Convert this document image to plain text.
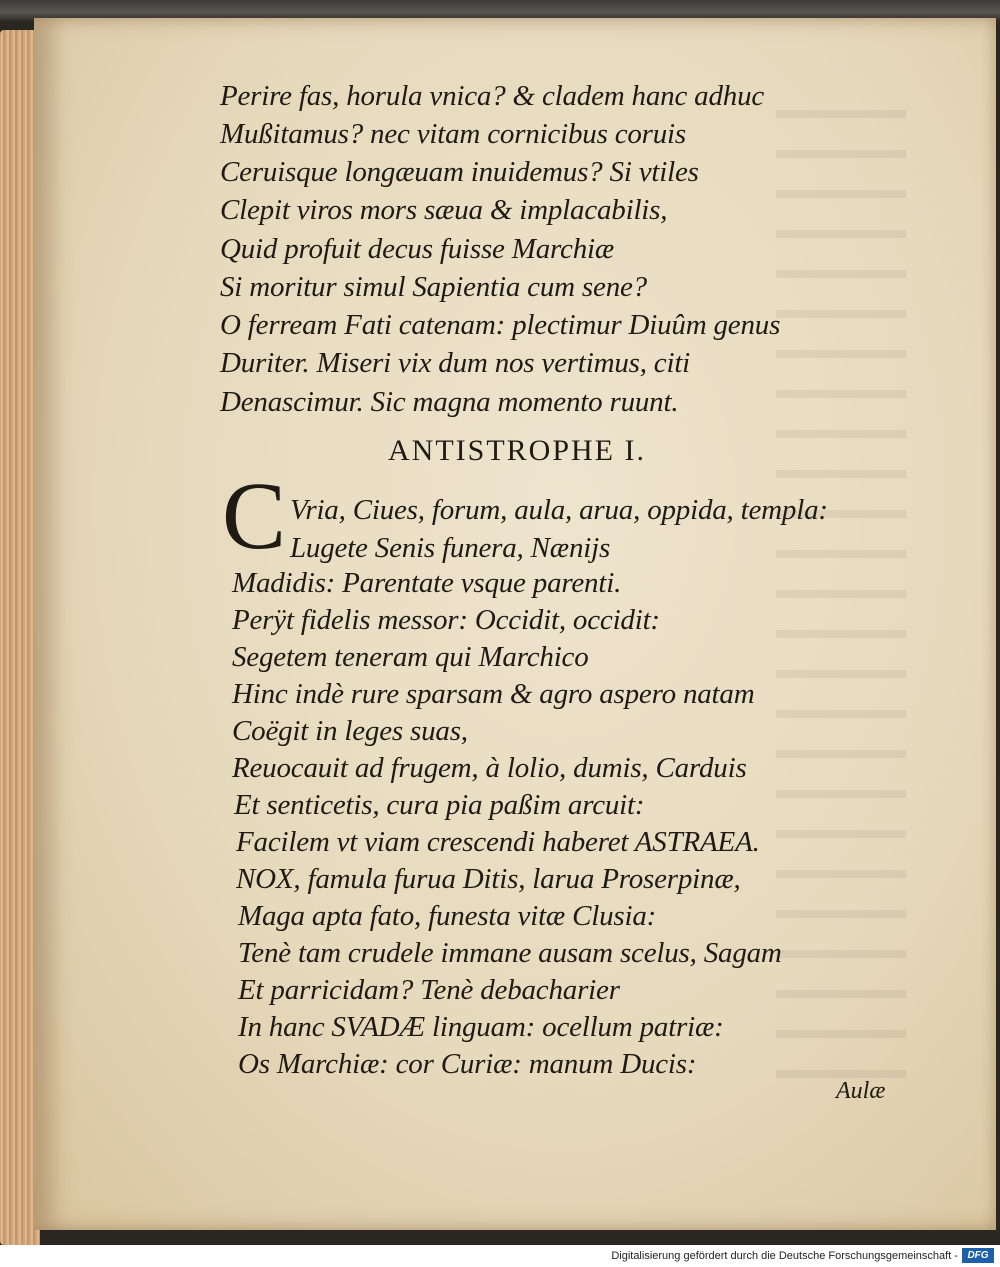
Perire fas, horula vnica? & cladem hanc adhuc
Mußitamus? nec vitam cornicibus coruis
Ceruisque longæuam inuidemus? Si vtiles
Clepit viros mors sæua & implacabilis,
Quid profuit decus fuisse Marchiæ
Si moritur simul Sapientia cum sene?
O ferream Fati catenam: plectimur Diuûm genus
Duriter. Miseri vix dum nos vertimus, citi
Denascimur. Sic magna momento ruunt.
ANTISTROPHE I.
C Vria, Ciues, forum, aula, arua, oppida, templa:
Lugete Senis funera, Nænijs
Madidis: Parentate vsque parenti.
Perÿt fidelis messor: Occidit, occidit:
Segetem teneram qui Marchico
Hinc indè rure sparsam & agro aspero natam
Coëgit in leges suas,
Reuocauit ad frugem, à lolio, dumis, Carduis
Et senticetis, cura pia paßim arcuit:
Facilem vt viam crescendi haberet ASTRAEA.
NOX, famula furua Ditis, larua Proserpinæ,
Maga apta fato, funesta vitæ Clusia:
Tenè tam crudele immane ausam scelus, Sagam
Et parricidam? Tenè debacharier
In hanc SVADÆ linguam: ocellum patriæ:
Os Marchiæ: cor Curiæ: manum Ducis:
Aulæ
Digitalisierung gefördert durch die Deutsche Forschungsgemeinschaft - DFG
